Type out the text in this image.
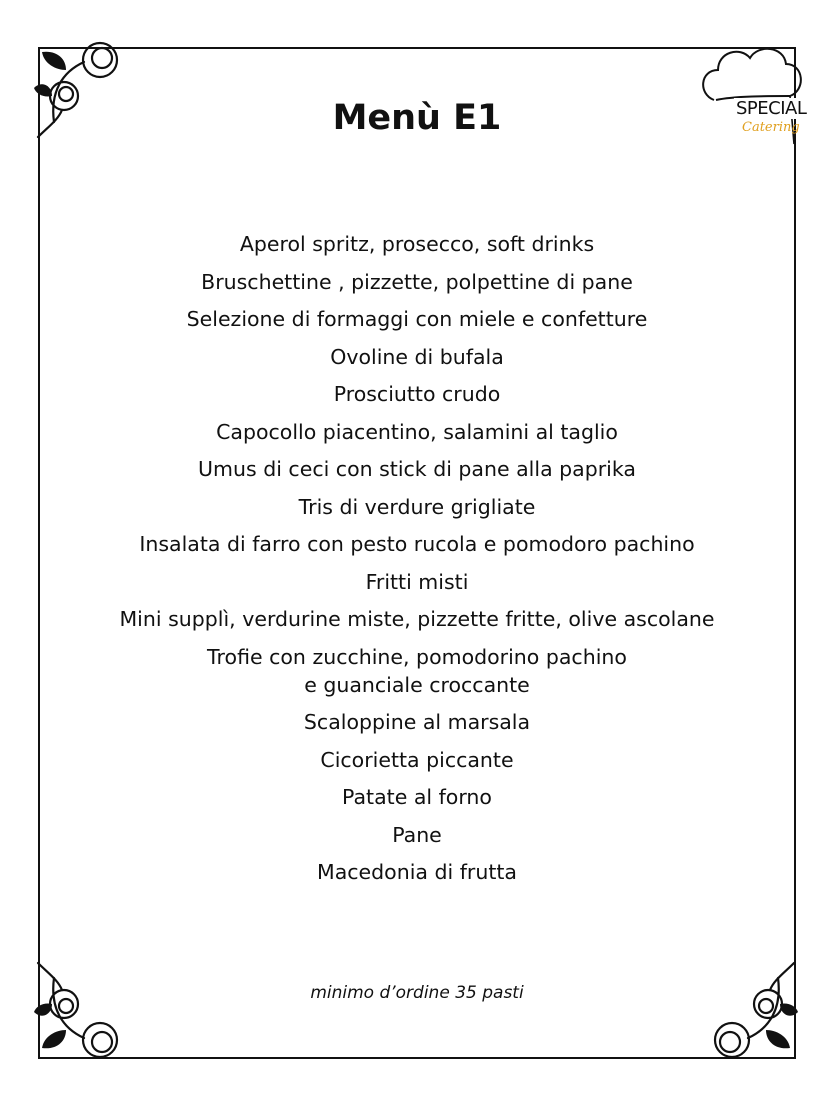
SPECIAL
Catering
Menù E1
Aperol spritz, prosecco, soft drinks
Bruschettine , pizzette, polpettine di pane
Selezione di formaggi con miele e confetture
Ovoline di bufala
Prosciutto crudo
Capocollo piacentino, salamini al taglio
Umus di ceci con stick di pane alla paprika
Tris di verdure grigliate
Insalata di farro con pesto rucola e pomodoro pachino
Fritti misti
Mini supplì, verdurine miste, pizzette fritte, olive ascolane
Trofie con zucchine, pomodorino pachino
e guanciale croccante
Scaloppine al marsala
Cicorietta piccante
Patate al forno
Pane
Macedonia di frutta
minimo d’ordine 35 pasti
